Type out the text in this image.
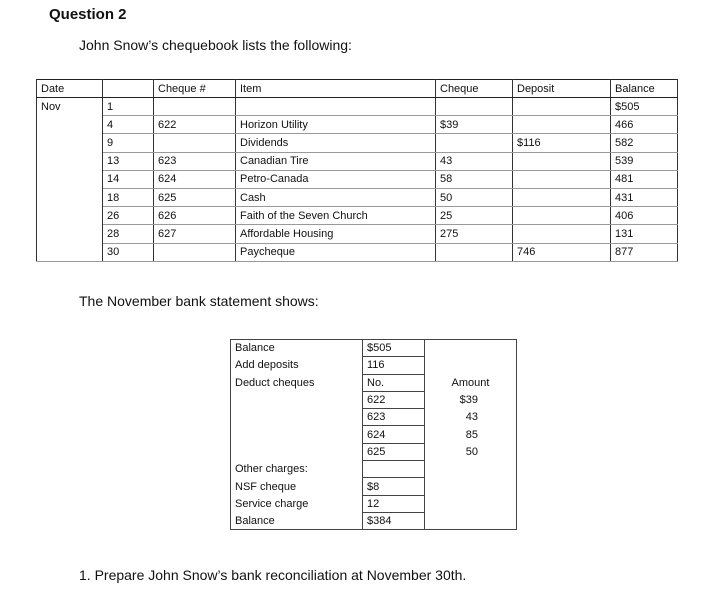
Question 2
John Snow’s chequebook lists the following:
Date		Cheque #	Item	Cheque	Deposit	Balance
Nov	1					$505
	4	622	Horizon Utility	$39		466
	9		Dividends		$116	582
	13	623	Canadian Tire	43		539
	14	624	Petro-Canada	58		481
	18	625	Cash	50		431
	26	626	Faith of the Seven Church	25		406
	28	627	Affordable Housing	275		131
	30		Paycheque		746	877
The November bank statement shows:
Balance	$505	
Add deposits	116	
Deduct cheques	No.	Amount
	622	$39
	623	43
	624	85
	625	50
Other charges:		
NSF cheque	$8	
Service charge	12	
Balance	$384	
1. Prepare John Snow’s bank reconciliation at November 30th.
